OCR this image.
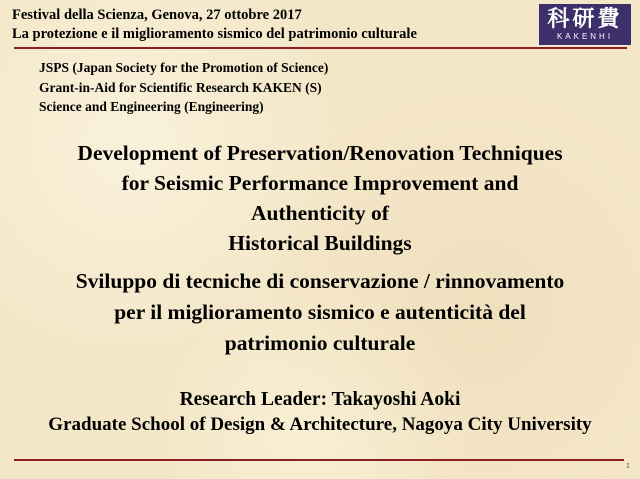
Festival della Scienza, Genova, 27 ottobre 2017
La protezione e il miglioramento sismico del patrimonio culturale
科研費
KAKENHI
JSPS (Japan Society for the Promotion of Science)
Grant-in-Aid for Scientific Research KAKEN (S)
Science and Engineering (Engineering)
Development of Preservation/Renovation Techniques
for Seismic Performance Improvement and
Authenticity of
Historical Buildings
Sviluppo di tecniche di conservazione / rinnovamento
per il miglioramento sismico e autenticità del
patrimonio culturale
Research Leader: Takayoshi Aoki
Graduate School of Design & Architecture, Nagoya City University
1
